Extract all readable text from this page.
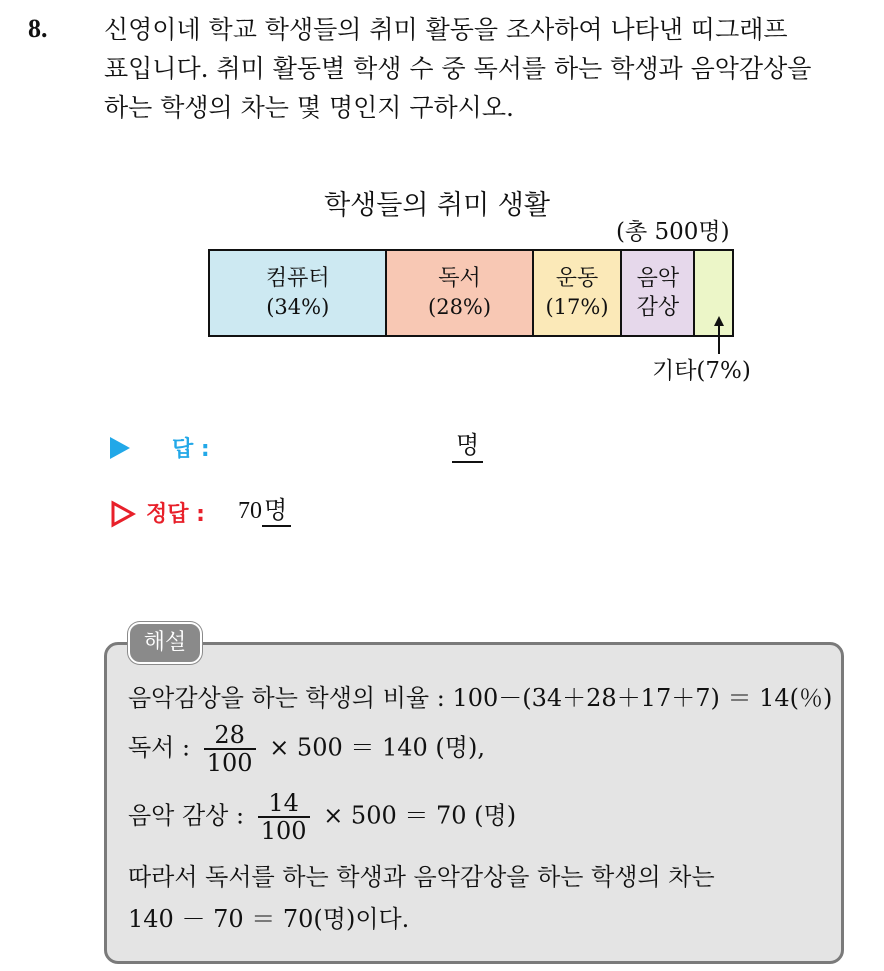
8. 신영이네 학교 학생들의 취미 활동을 조사하여 나타낸 띠그래프
표입니다. 취미 활동별 학생 수 중 독서를 하는 학생과 음악감상을
하는 학생의 차는 몇 명인지 구하시오.
학생들의 취미 생활
(총 500명)
컴퓨터
(34%)
독서
(28%)
운동
(17%)
음악
감상
기타(7%)
답 :	명
정답 : 70명
해설
음악감상을 하는 학생의 비율 : 100－(34＋28＋17＋7) ＝ 14(％)
독서 : $\frac{28}{100} \times 500 = 140$ (명),
음악 감상 : $\frac{14}{100} \times 500 = 70$ (명)
따라서 독서를 하는 학생과 음악감상을 하는 학생의 차는
140 － 70 ＝ 70(명)이다.
